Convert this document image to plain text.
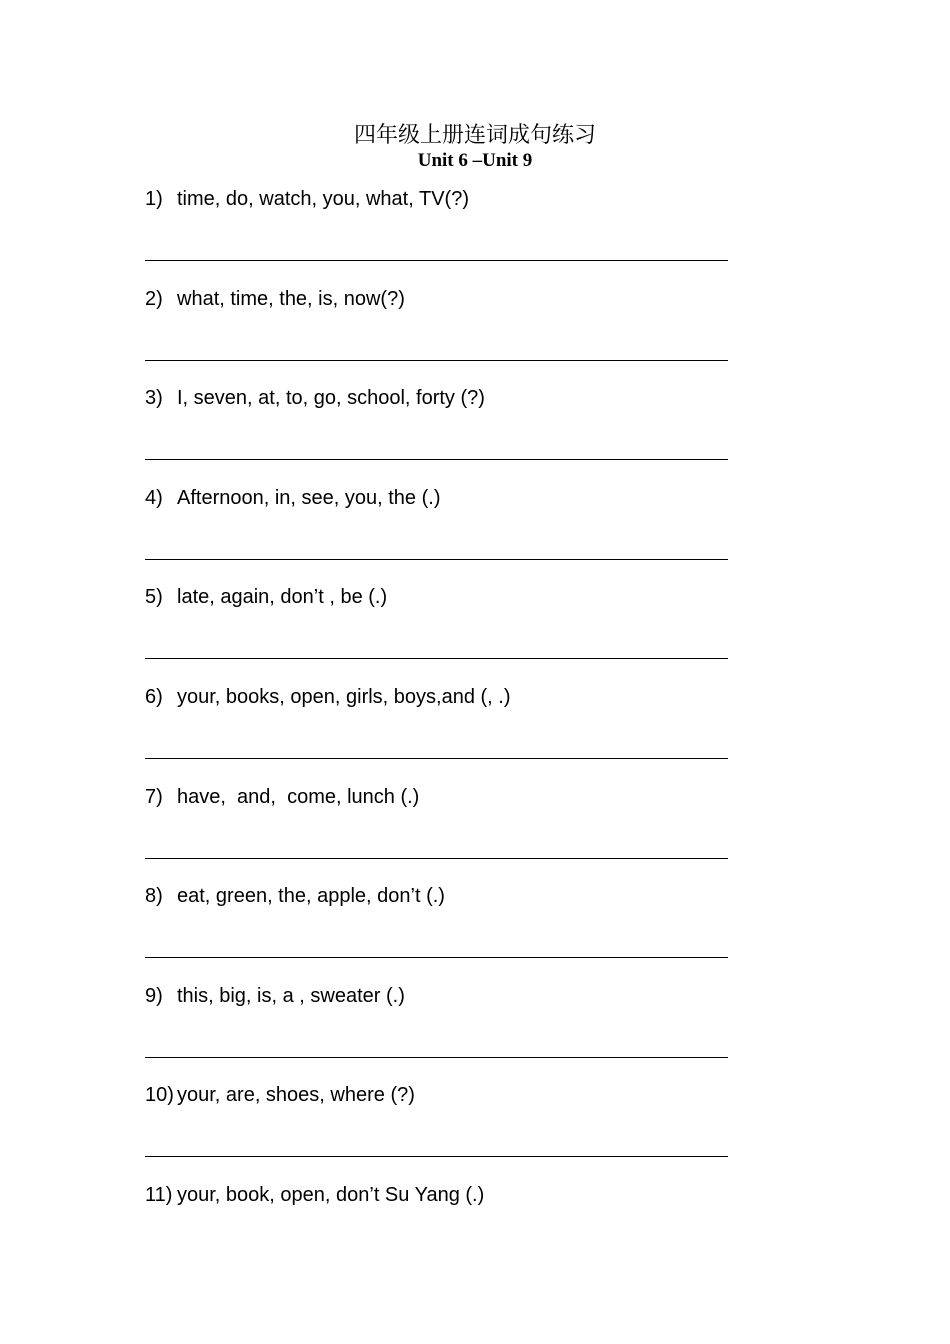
四年级上册连词成句练习
Unit 6 –Unit 9
1) time, do, watch, you, what, TV(?)
2) what, time, the, is, now(?)
3) I, seven, at, to, go, school, forty (?)
4) Afternoon, in, see, you, the (.)
5) late, again, don’t , be (.)
6) your, books, open, girls, boys,and (, .)
7) have,  and,  come, lunch (.)
8) eat, green, the, apple, don’t (.)
9) this, big, is, a , sweater (.)
10) your, are, shoes, where (?)
11) your, book, open, don’t Su Yang (.)
